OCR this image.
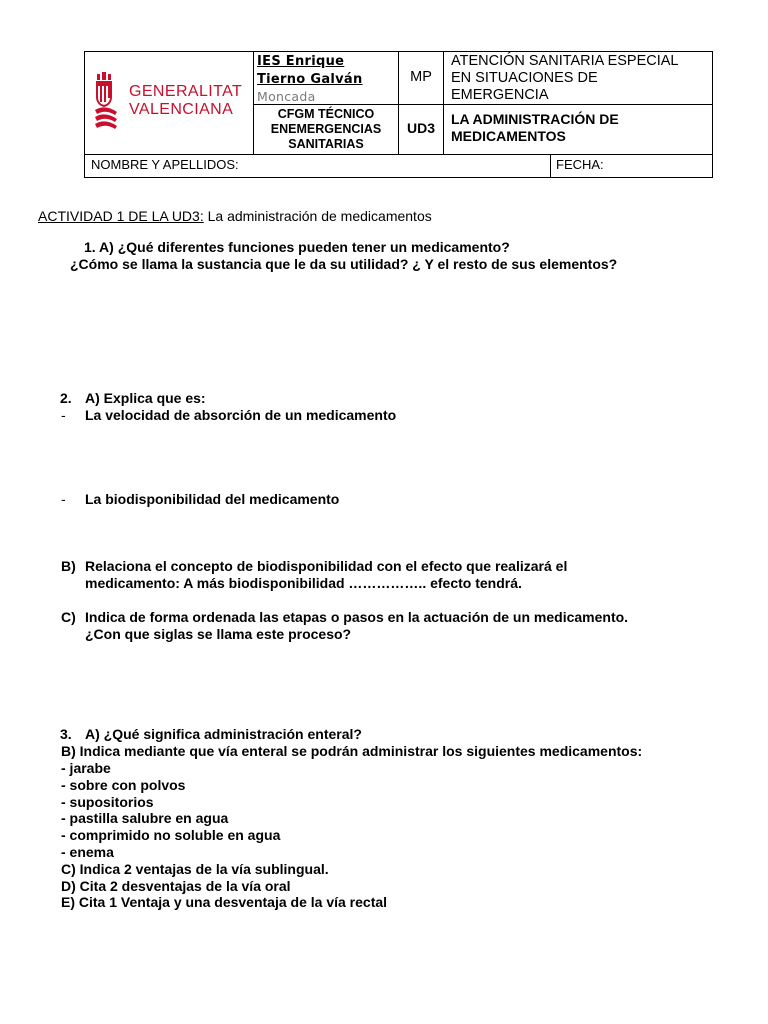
GENERALITAT
VALENCIANA
IES Enrique
Tierno Galván
Moncada
CFGM TÉCNICO
ENEMERGENCIAS
SANITARIAS
MP
ATENCIÓN SANITARIA ESPECIAL
EN SITUACIONES DE
EMERGENCIA
UD3
LA ADMINISTRACIÓN DE
MEDICAMENTOS
NOMBRE Y APELLIDOS:	FECHA:
ACTIVIDAD 1 DE LA UD3: La administración de medicamentos
1. A) ¿Qué diferentes funciones pueden tener un medicamento?
¿Cómo se llama la sustancia que le da su utilidad? ¿ Y el resto de sus elementos?
2. A) Explica que es:
- La velocidad de absorción de un medicamento
- La biodisponibilidad del medicamento
B) Relaciona el concepto de biodisponibilidad con el efecto que realizará el
medicamento: A más biodisponibilidad …………….. efecto tendrá.
C) Indica de forma ordenada las etapas o pasos en la actuación de un medicamento.
¿Con que siglas se llama este proceso?
3. A) ¿Qué significa administración enteral?
B) Indica mediante que vía enteral se podrán administrar los siguientes medicamentos:
- jarabe
- sobre con polvos
- supositorios
- pastilla salubre en agua
- comprimido no soluble en agua
- enema
C) Indica 2 ventajas de la vía sublingual.
D) Cita 2 desventajas de la vía oral
E) Cita 1 Ventaja y una desventaja de la vía rectal
